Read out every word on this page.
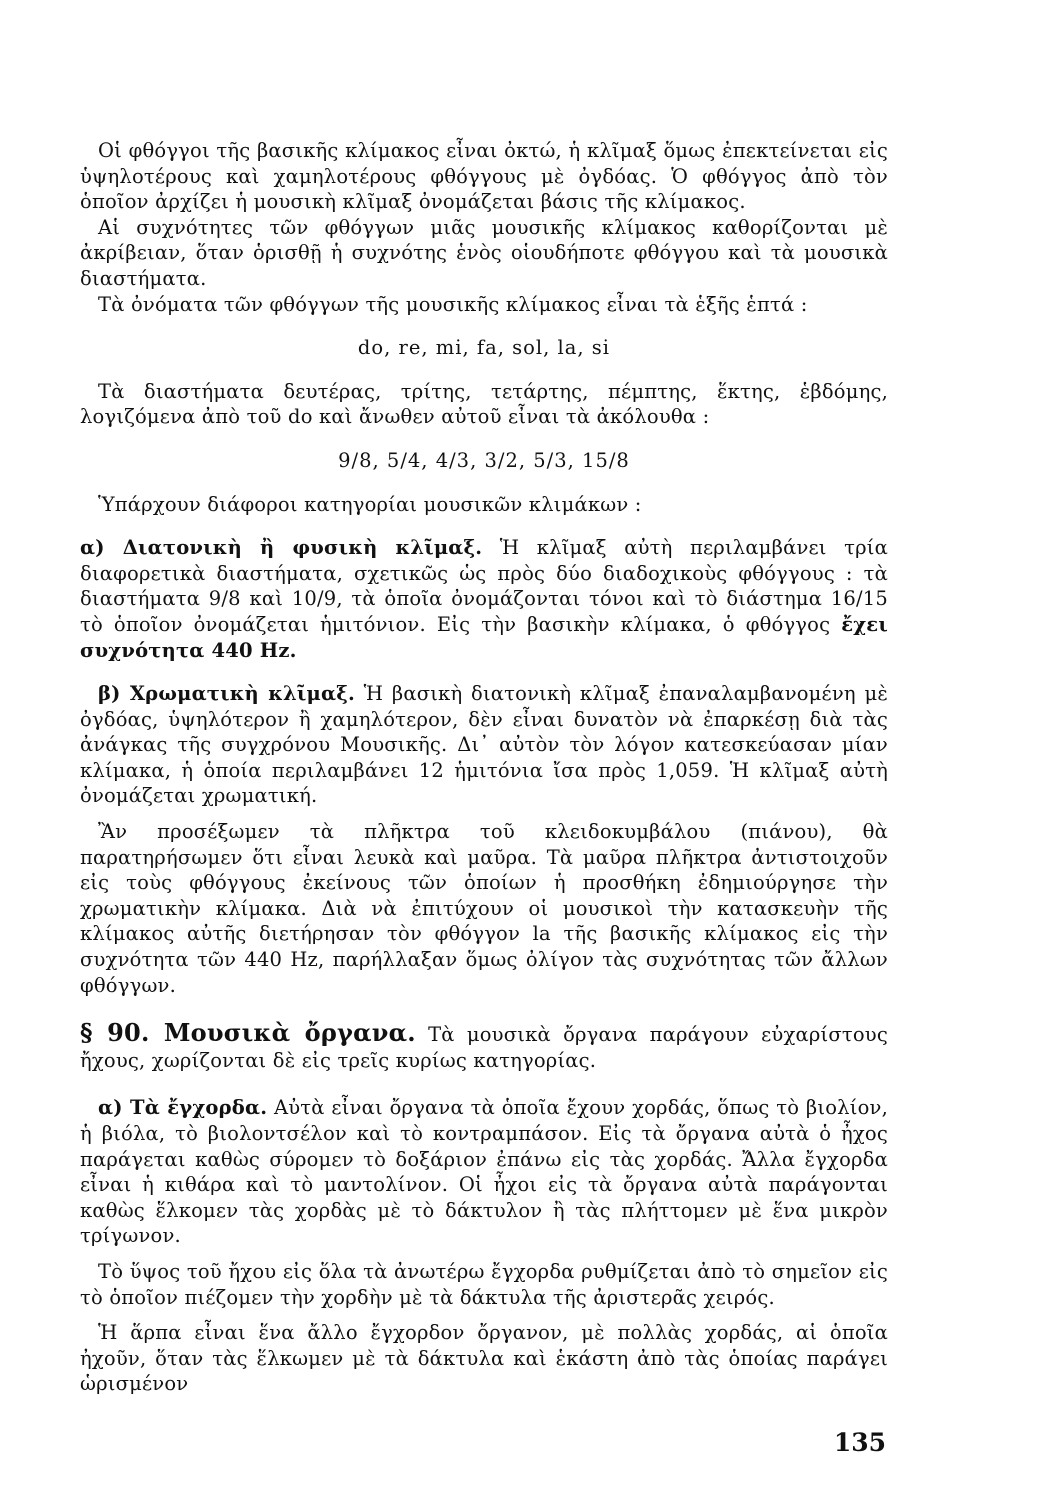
Οἱ φθόγγοι τῆς βασικῆς κλίμακος εἶναι ὀκτώ, ἡ κλῖμαξ ὅμως ἐπεκτείνεται εἰς ὑψηλοτέρους καὶ χαμηλοτέρους φθόγγους μὲ ὀγδόας. Ὁ φθόγγος ἀπὸ τὸν ὁποῖον ἀρχίζει ἡ μουσικὴ κλῖμαξ ὀνομάζεται βάσις τῆς κλίμακος.

Αἱ συχνότητες τῶν φθόγγων μιᾶς μουσικῆς κλίμακος καθορίζονται μὲ ἀκρίβειαν, ὅταν ὁρισθῇ ἡ συχνότης ἑνὸς οἱουδήποτε φθόγγου καὶ τὰ μουσικὰ διαστήματα.

Τὰ ὀνόματα τῶν φθόγγων τῆς μουσικῆς κλίμακος εἶναι τὰ ἑξῆς ἑπτά :

do, re, mi, fa, sol, la, si

Τὰ διαστήματα δευτέρας, τρίτης, τετάρτης, πέμπτης, ἕκτης, ἑβδόμης, λογιζόμενα ἀπὸ τοῦ do καὶ ἄνωθεν αὐτοῦ εἶναι τὰ ἀκόλουθα :

9/8, 5/4, 4/3, 3/2, 5/3, 15/8

Ὑπάρχουν διάφοροι κατηγορίαι μουσικῶν κλιμάκων :

α) Διατονικὴ ἢ φυσικὴ κλῖμαξ. Ἡ κλῖμαξ αὐτὴ περιλαμβάνει τρία διαφορετικὰ διαστήματα, σχετικῶς ὡς πρὸς δύο διαδοχικοὺς φθόγγους : τὰ διαστήματα 9/8 καὶ 10/9, τὰ ὁποῖα ὀνομάζονται τόνοι καὶ τὸ διάστημα 16/15 τὸ ὁποῖον ὀνομάζεται ἡμιτόνιον. Εἰς τὴν βασικὴν κλίμακα, ὁ φθόγγος ἔχει συχνότητα 440 Hz.

β) Χρωματικὴ κλῖμαξ. Ἡ βασικὴ διατονικὴ κλῖμαξ ἐπαναλαμβανομένη μὲ ὀγδόας, ὑψηλότερον ἢ χαμηλότερον, δὲν εἶναι δυνατὸν νὰ ἐπαρκέσῃ διὰ τὰς ἀνάγκας τῆς συγχρόνου Μουσικῆς. Δι᾽ αὐτὸν τὸν λόγον κατεσκεύασαν μίαν κλίμακα, ἡ ὁποία περιλαμβάνει 12 ἡμιτόνια ἴσα πρὸς 1,059. Ἡ κλῖμαξ αὐτὴ ὀνομάζεται χρωματική.

Ἂν προσέξωμεν τὰ πλῆκτρα τοῦ κλειδοκυμβάλου (πιάνου), θὰ παρατηρήσωμεν ὅτι εἶναι λευκὰ καὶ μαῦρα. Τὰ μαῦρα πλῆκτρα ἀντιστοιχοῦν εἰς τοὺς φθόγγους ἐκείνους τῶν ὁποίων ἡ προσθήκη ἐδημιούργησε τὴν χρωματικὴν κλίμακα. Διὰ νὰ ἐπιτύχουν οἱ μουσικοὶ τὴν κατασκευὴν τῆς κλίμακος αὐτῆς διετήρησαν τὸν φθόγγον la τῆς βασικῆς κλίμακος εἰς τὴν συχνότητα τῶν 440 Hz, παρήλλαξαν ὅμως ὀλίγον τὰς συχνότητας τῶν ἄλλων φθόγγων.

§ 90. Μουσικὰ ὄργανα. Τὰ μουσικὰ ὄργανα παράγουν εὐχαρίστους ἤχους, χωρίζονται δὲ εἰς τρεῖς κυρίως κατηγορίας.

α) Τὰ ἔγχορδα. Αὐτὰ εἶναι ὄργανα τὰ ὁποῖα ἔχουν χορδάς, ὅπως τὸ βιολίον, ἡ βιόλα, τὸ βιολοντσέλον καὶ τὸ κοντραμπάσον. Εἰς τὰ ὄργανα αὐτὰ ὁ ἦχος παράγεται καθὼς σύρομεν τὸ δοξάριον ἐπάνω εἰς τὰς χορδάς. Ἄλλα ἔγχορδα εἶναι ἡ κιθάρα καὶ τὸ μαντολίνον. Οἱ ἦχοι εἰς τὰ ὄργανα αὐτὰ παράγονται καθὼς ἕλκομεν τὰς χορδὰς μὲ τὸ δάκτυλον ἢ τὰς πλήττομεν μὲ ἕνα μικρὸν τρίγωνον.

Τὸ ὕψος τοῦ ἤχου εἰς ὅλα τὰ ἀνωτέρω ἔγχορδα ρυθμίζεται ἀπὸ τὸ σημεῖον εἰς τὸ ὁποῖον πιέζομεν τὴν χορδὴν μὲ τὰ δάκτυλα τῆς ἀριστερᾶς χειρός.

Ἡ ἅρπα εἶναι ἕνα ἄλλο ἔγχορδον ὄργανον, μὲ πολλὰς χορδάς, αἱ ὁποῖα ἠχοῦν, ὅταν τὰς ἕλκωμεν μὲ τὰ δάκτυλα καὶ ἑκάστη ἀπὸ τὰς ὁποίας παράγει ὡρισμένον

135
